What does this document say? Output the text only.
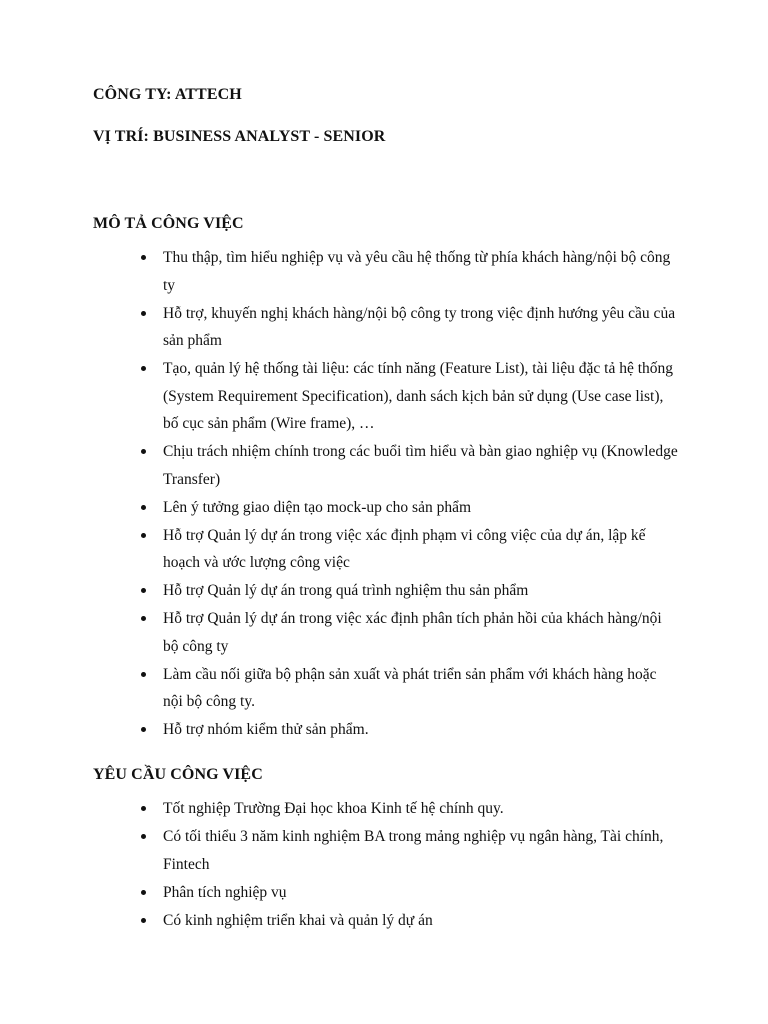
CÔNG TY: ATTECH
VỊ TRÍ: BUSINESS ANALYST - SENIOR
MÔ TẢ CÔNG VIỆC
Thu thập, tìm hiểu nghiệp vụ và yêu cầu hệ thống từ phía khách hàng/nội bộ công ty
Hỗ trợ, khuyến nghị khách hàng/nội bộ công ty trong việc định hướng yêu cầu của sản phẩm
Tạo, quản lý hệ thống tài liệu: các tính năng (Feature List), tài liệu đặc tả hệ thống (System Requirement Specification), danh sách kịch bản sử dụng (Use case list), bố cục sản phẩm (Wire frame), …
Chịu trách nhiệm chính trong các buổi tìm hiểu và bàn giao nghiệp vụ (Knowledge Transfer)
Lên ý tưởng giao diện tạo mock-up cho sản phẩm
Hỗ trợ Quản lý dự án trong việc xác định phạm vi công việc của dự án, lập kế hoạch và ước lượng công việc
Hỗ trợ Quản lý dự án trong quá trình nghiệm thu sản phẩm
Hỗ trợ Quản lý dự án trong việc xác định phân tích phản hồi của khách hàng/nội bộ công ty
Làm cầu nối giữa bộ phận sản xuất và phát triển sản phẩm với khách hàng hoặc nội bộ công ty.
Hỗ trợ nhóm kiểm thử sản phẩm.
YÊU CẦU CÔNG VIỆC
Tốt nghiệp Trường Đại học khoa Kinh tế hệ chính quy.
Có tối thiểu 3 năm kinh nghiệm BA trong mảng nghiệp vụ ngân hàng, Tài chính, Fintech
Phân tích nghiệp vụ
Có kinh nghiệm triển khai và quản lý dự án
